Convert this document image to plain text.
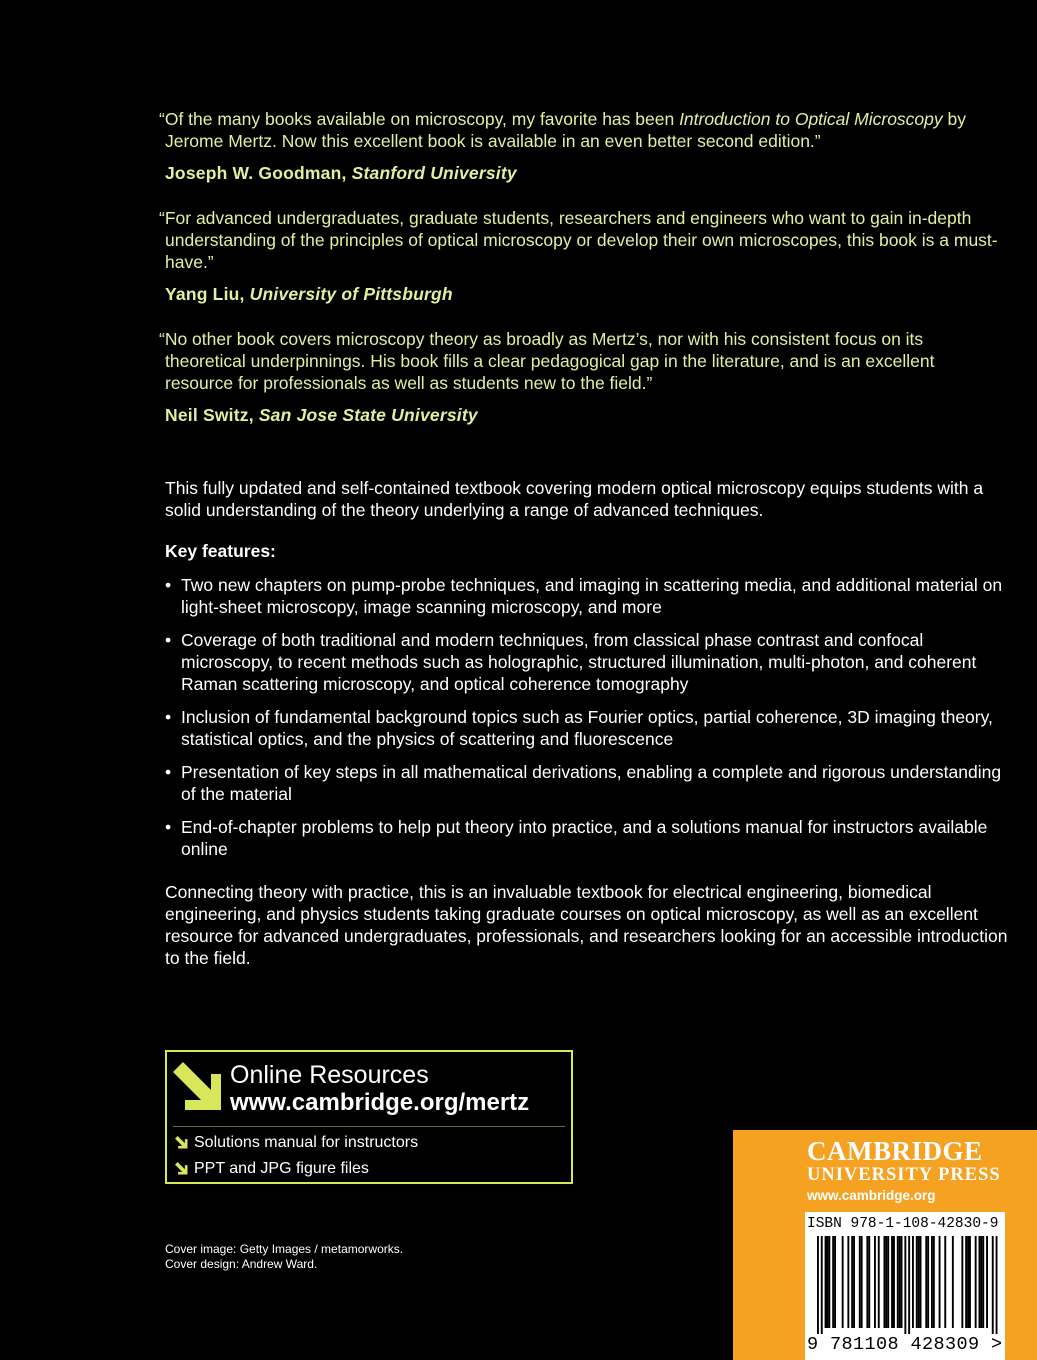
“Of the many books available on microscopy, my favorite has been Introduction to Optical Microscopy by Jerome Mertz. Now this excellent book is available in an even better second edition.”
Joseph W. Goodman, Stanford University
“For advanced undergraduates, graduate students, researchers and engineers who want to gain in-depth understanding of the principles of optical microscopy or develop their own microscopes, this book is a must-have.”
Yang Liu, University of Pittsburgh
“No other book covers microscopy theory as broadly as Mertz’s, nor with his consistent focus on its theoretical underpinnings. His book fills a clear pedagogical gap in the literature, and is an excellent resource for professionals as well as students new to the field.”
Neil Switz, San Jose State University
This fully updated and self-contained textbook covering modern optical microscopy equips students with a solid understanding of the theory underlying a range of advanced techniques.
Key features:
• Two new chapters on pump-probe techniques, and imaging in scattering media, and additional material on light-sheet microscopy, image scanning microscopy, and more
• Coverage of both traditional and modern techniques, from classical phase contrast and confocal microscopy, to recent methods such as holographic, structured illumination, multi-photon, and coherent Raman scattering microscopy, and optical coherence tomography
• Inclusion of fundamental background topics such as Fourier optics, partial coherence, 3D imaging theory, statistical optics, and the physics of scattering and fluorescence
• Presentation of key steps in all mathematical derivations, enabling a complete and rigorous understanding of the material
• End-of-chapter problems to help put theory into practice, and a solutions manual for instructors available online
Connecting theory with practice, this is an invaluable textbook for electrical engineering, biomedical engineering, and physics students taking graduate courses on optical microscopy, as well as an excellent resource for advanced undergraduates, professionals, and researchers looking for an accessible introduction to the field.
Online Resources
www.cambridge.org/mertz
Solutions manual for instructors
PPT and JPG figure files
Cover image: Getty Images / metamorworks.
Cover design: Andrew Ward.
CAMBRIDGE
UNIVERSITY PRESS
www.cambridge.org
ISBN 978-1-108-42830-9
9 781108 428309 >
